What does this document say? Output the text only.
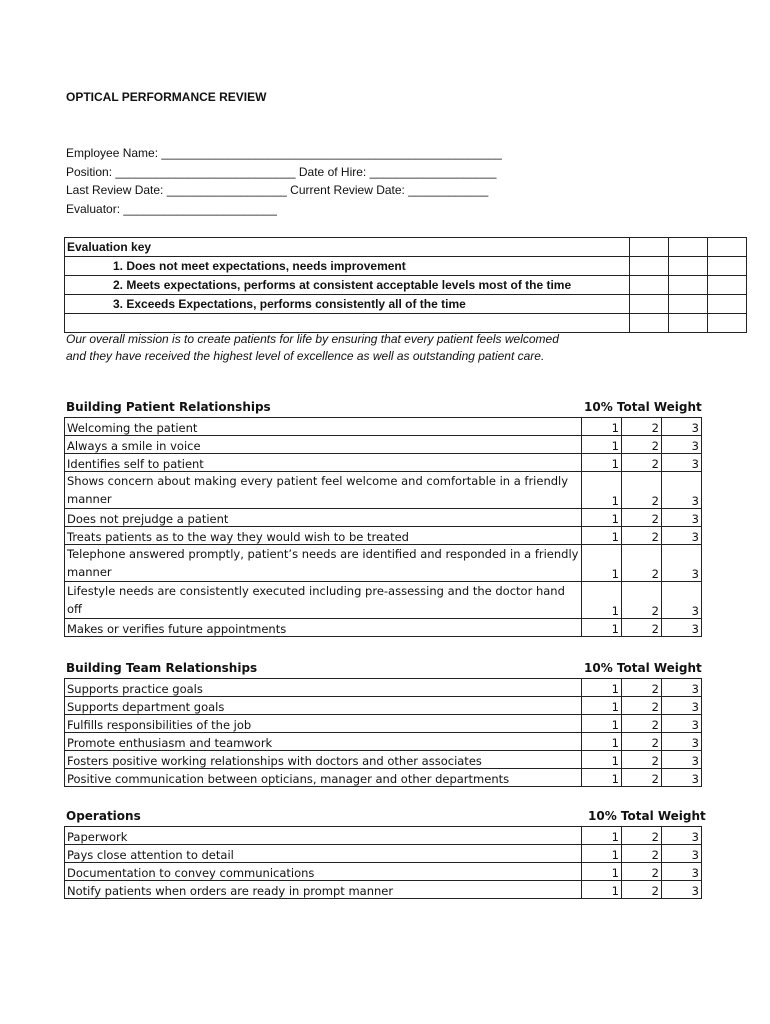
OPTICAL PERFORMANCE REVIEW
Employee Name: ___________________________________________________
Position: ___________________________ Date of Hire: ___________________
Last Review Date: __________________ Current Review Date: ____________
Evaluator: _______________________
Evaluation key			
1. Does not meet expectations, needs improvement			
2. Meets expectations, performs at consistent acceptable levels most of the time			
3. Exceeds Expectations, performs consistently all of the time			

Our overall mission is to create patients for life by ensuring that every patient feels welcomed and they have received the highest level of excellence as well as outstanding patient care.
Building Patient Relationships	10% Total Weight
Welcoming the patient	1	2	3
Always a smile in voice	1	2	3
Identifies self to patient	1	2	3
Shows concern about making every patient feel welcome and comfortable in a friendly manner	1	2	3
Does not prejudge a patient	1	2	3
Treats patients as to the way they would wish to be treated	1	2	3
Telephone answered promptly, patient’s needs are identified and responded in a friendly manner	1	2	3
Lifestyle needs are consistently executed including pre-assessing and the doctor hand off	1	2	3
Makes or verifies future appointments	1	2	3
Building Team Relationships	10% Total Weight
Supports practice goals	1	2	3
Supports department goals	1	2	3
Fulfills responsibilities of the job	1	2	3
Promote enthusiasm and teamwork	1	2	3
Fosters positive working relationships with doctors and other associates	1	2	3
Positive communication between opticians, manager and other departments	1	2	3
Operations	10% Total Weight
Paperwork	1	2	3
Pays close attention to detail	1	2	3
Documentation to convey communications	1	2	3
Notify patients when orders are ready in prompt manner	1	2	3
